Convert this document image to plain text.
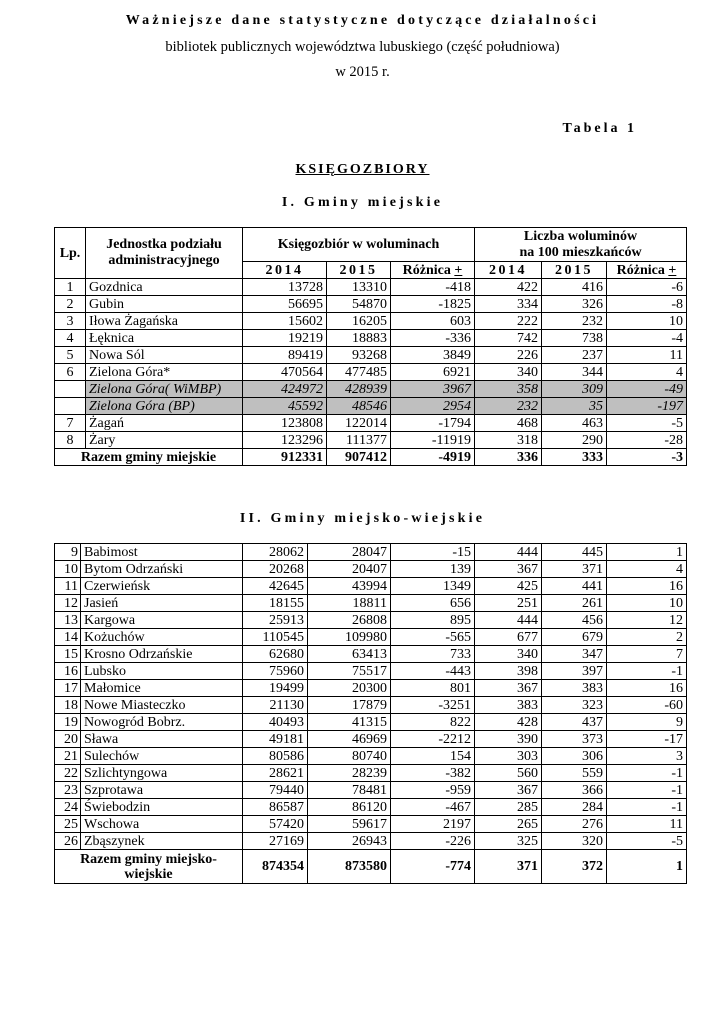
Ważniejsze dane statystyczne dotyczące działalności
bibliotek publicznych województwa lubuskiego (część południowa)
w 2015 r.
Tabela 1
KSIĘGOZBIORY
I. Gminy miejskie
Lp.	Jednostka podziału administracyjnego	Księgozbiór w woluminach			Liczba woluminów
na 100 mieszkańców		
		2014	2015	Różnica +	2014	2015	Różnica +
1	Gozdnica	13728	13310	-418	422	416	-6
2	Gubin	56695	54870	-1825	334	326	-8
3	Iłowa Żagańska	15602	16205	603	222	232	10
4	Łęknica	19219	18883	-336	742	738	-4
5	Nowa Sól	89419	93268	3849	226	237	11
6	Zielona Góra*	470564	477485	6921	340	344	4
	Zielona Góra( WiMBP)	424972	428939	3967	358	309	-49
	Zielona Góra (BP)	45592	48546	2954	232	35	-197
7	Żagań	123808	122014	-1794	468	463	-5
8	Żary	123296	111377	-11919	318	290	-28
Razem gminy miejskie		912331	907412	-4919	336	333	-3
II. Gminy miejsko-wiejskie
9	Babimost	28062	28047	-15	444	445	1
10	Bytom Odrzański	20268	20407	139	367	371	4
11	Czerwieńsk	42645	43994	1349	425	441	16
12	Jasień	18155	18811	656	251	261	10
13	Kargowa	25913	26808	895	444	456	12
14	Kożuchów	110545	109980	-565	677	679	2
15	Krosno Odrzańskie	62680	63413	733	340	347	7
16	Lubsko	75960	75517	-443	398	397	-1
17	Małomice	19499	20300	801	367	383	16
18	Nowe Miasteczko	21130	17879	-3251	383	323	-60
19	Nowogród Bobrz.	40493	41315	822	428	437	9
20	Sława	49181	46969	-2212	390	373	-17
21	Sulechów	80586	80740	154	303	306	3
22	Szlichtyngowa	28621	28239	-382	560	559	-1
23	Szprotawa	79440	78481	-959	367	366	-1
24	Świebodzin	86587	86120	-467	285	284	-1
25	Wschowa	57420	59617	2197	265	276	11
26	Zbąszynek	27169	26943	-226	325	320	-5
Razem gminy miejsko-wiejskie		874354	873580	-774	371	372	1
